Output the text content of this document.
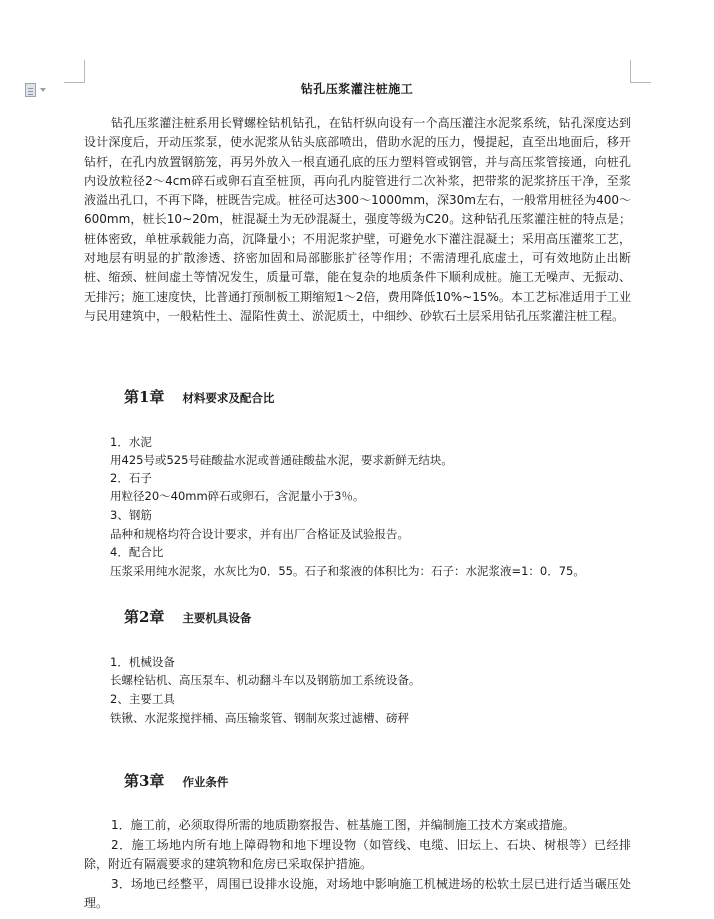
钻孔压浆灌注桩施工

钻孔压浆灌注桩系用长臂螺栓钻机钻孔，在钻杆纵向设有一个高压灌注水泥浆系统，钻孔深度达到设计深度后，开动压浆泵，使水泥浆从钻头底部喷出，借助水泥的压力，慢提起，直至出地面后，移开钻杆，在孔内放置钢筋笼，再另外放入一根直通孔底的压力塑料管或钢管，并与高压浆管接通，向桩孔内设放粒径2～4cm碎石或卵石直至桩顶，再向孔内腚管进行二次补浆，把带浆的泥浆挤压干净，至浆液溢出孔口，不再下降，桩既告完成。桩径可达300～1000mm，深30m左右，一般常用桩径为400～600mm，桩长10~20m，桩混凝土为无砂混凝土，强度等级为C20。这种钻孔压浆灌注桩的特点是；桩体密致，单桩承载能力高，沉降量小；不用泥浆护壁，可避免水下灌注混凝土；采用高压灌浆工艺，对地层有明显的扩散渗透、挤密加固和局部膨胀扩径等作用；不需清理孔底虚土，可有效地防止出断桩、缩颈、桩间虚土等情况发生，质量可靠，能在复杂的地质条件下顺利成桩。施工无噪声、无振动、无排污；施工速度快，比普通打预制板工期缩短1～2倍，费用降低10%~15%。本工艺标准适用于工业与民用建筑中，一般粘性土、湿陷性黄土、淤泥质土，中细纱、砂软石土层采用钻孔压浆灌注桩工程。

第1章 材料要求及配合比
1．水泥
用425号或525号硅酸盐水泥或普通硅酸盐水泥，要求新鲜无结块。
2．石子
用粒径20～40mm碎石或卵石，含泥量小于3％。
3、钢筋
品种和规格均符合设计要求，并有出厂合格证及试验报告。
4．配合比
压浆采用纯水泥浆，水灰比为0．55。石子和浆液的体积比为：石子：水泥浆液=1：0．75。
第2章 主要机具设备
1．机械设备
长螺栓钻机、高压泵车、机动翻斗车以及钢筋加工系统设备。
2、主要工具
铁锹、水泥浆搅拌桶、高压输浆管、钢制灰浆过滤槽、磅秤
第3章 作业条件

1．施工前，必须取得所需的地质勘察报告、桩基施工图，并编制施工技术方案或措施。

2．施工场地内所有地上障碍物和地下埋设物（如管线、电缆、旧坛上、石块、树根等）已经排除，附近有隔震要求的建筑物和危房已采取保护措施。

3．场地已经整平，周围已设排水设施，对场地中影响施工机械进场的松软土层已进行适当碾压处理。
